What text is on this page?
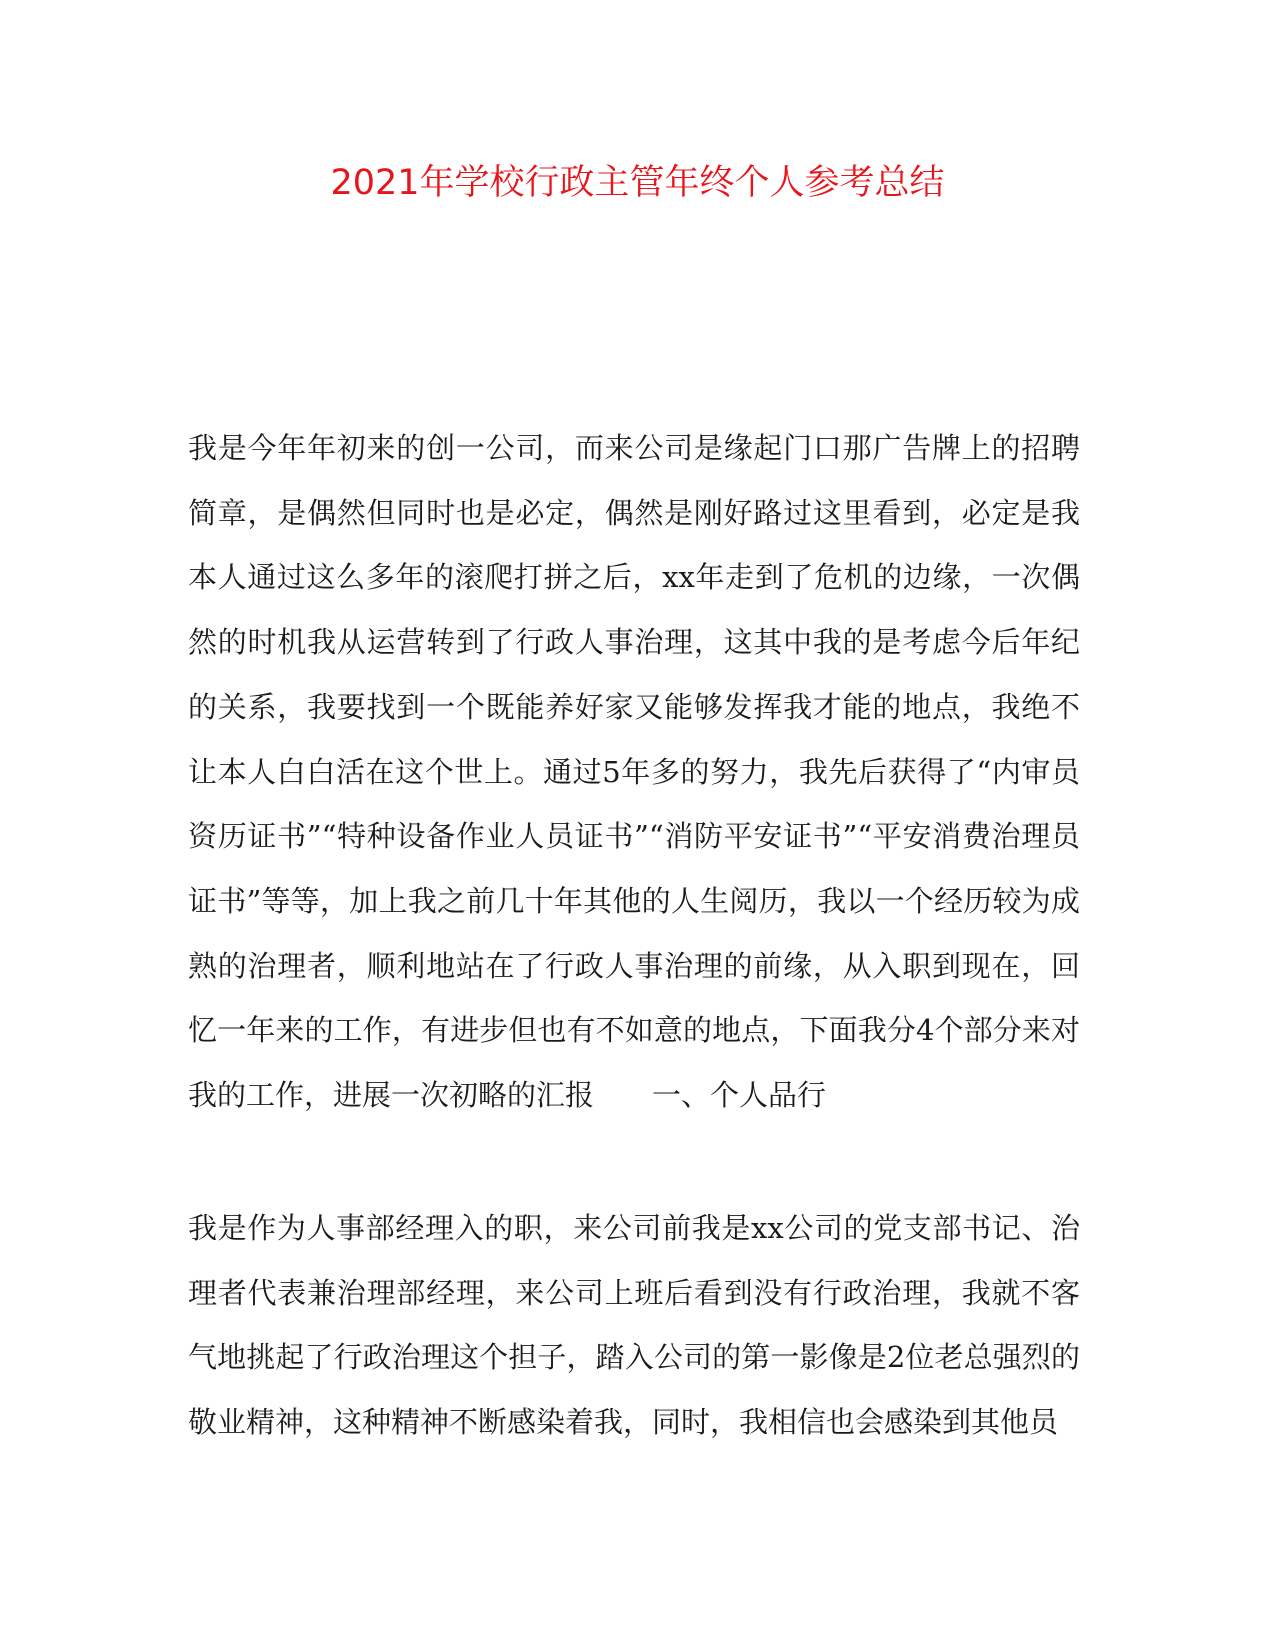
2021年学校行政主管年终个人参考总结

我是今年年初来的创一公司，而来公司是缘起门口那广告牌上的招聘简章，是偶然但同时也是必定，偶然是刚好路过这里看到，必定是我本人通过这么多年的滚爬打拼之后，xx年走到了危机的边缘，一次偶然的时机我从运营转到了行政人事治理，这其中我的是考虑今后年纪的关系，我要找到一个既能养好家又能够发挥我才能的地点，我绝不让本人白白活在这个世上。通过5年多的努力，我先后获得了“内审员资历证书”“特种设备作业人员证书”“消防平安证书”“平安消费治理员证书”等等，加上我之前几十年其他的人生阅历，我以一个经历较为成熟的治理者，顺利地站在了行政人事治理的前缘，从入职到现在，回忆一年来的工作，有进步但也有不如意的地点，下面我分4个部分来对我的工作，进展一次初略的汇报　　一、个人品行

我是作为人事部经理入的职，来公司前我是xx公司的党支部书记、治理者代表兼治理部经理，来公司上班后看到没有行政治理，我就不客气地挑起了行政治理这个担子，踏入公司的第一影像是2位老总强烈的敬业精神，这种精神不断感染着我，同时，我相信也会感染到其他员
